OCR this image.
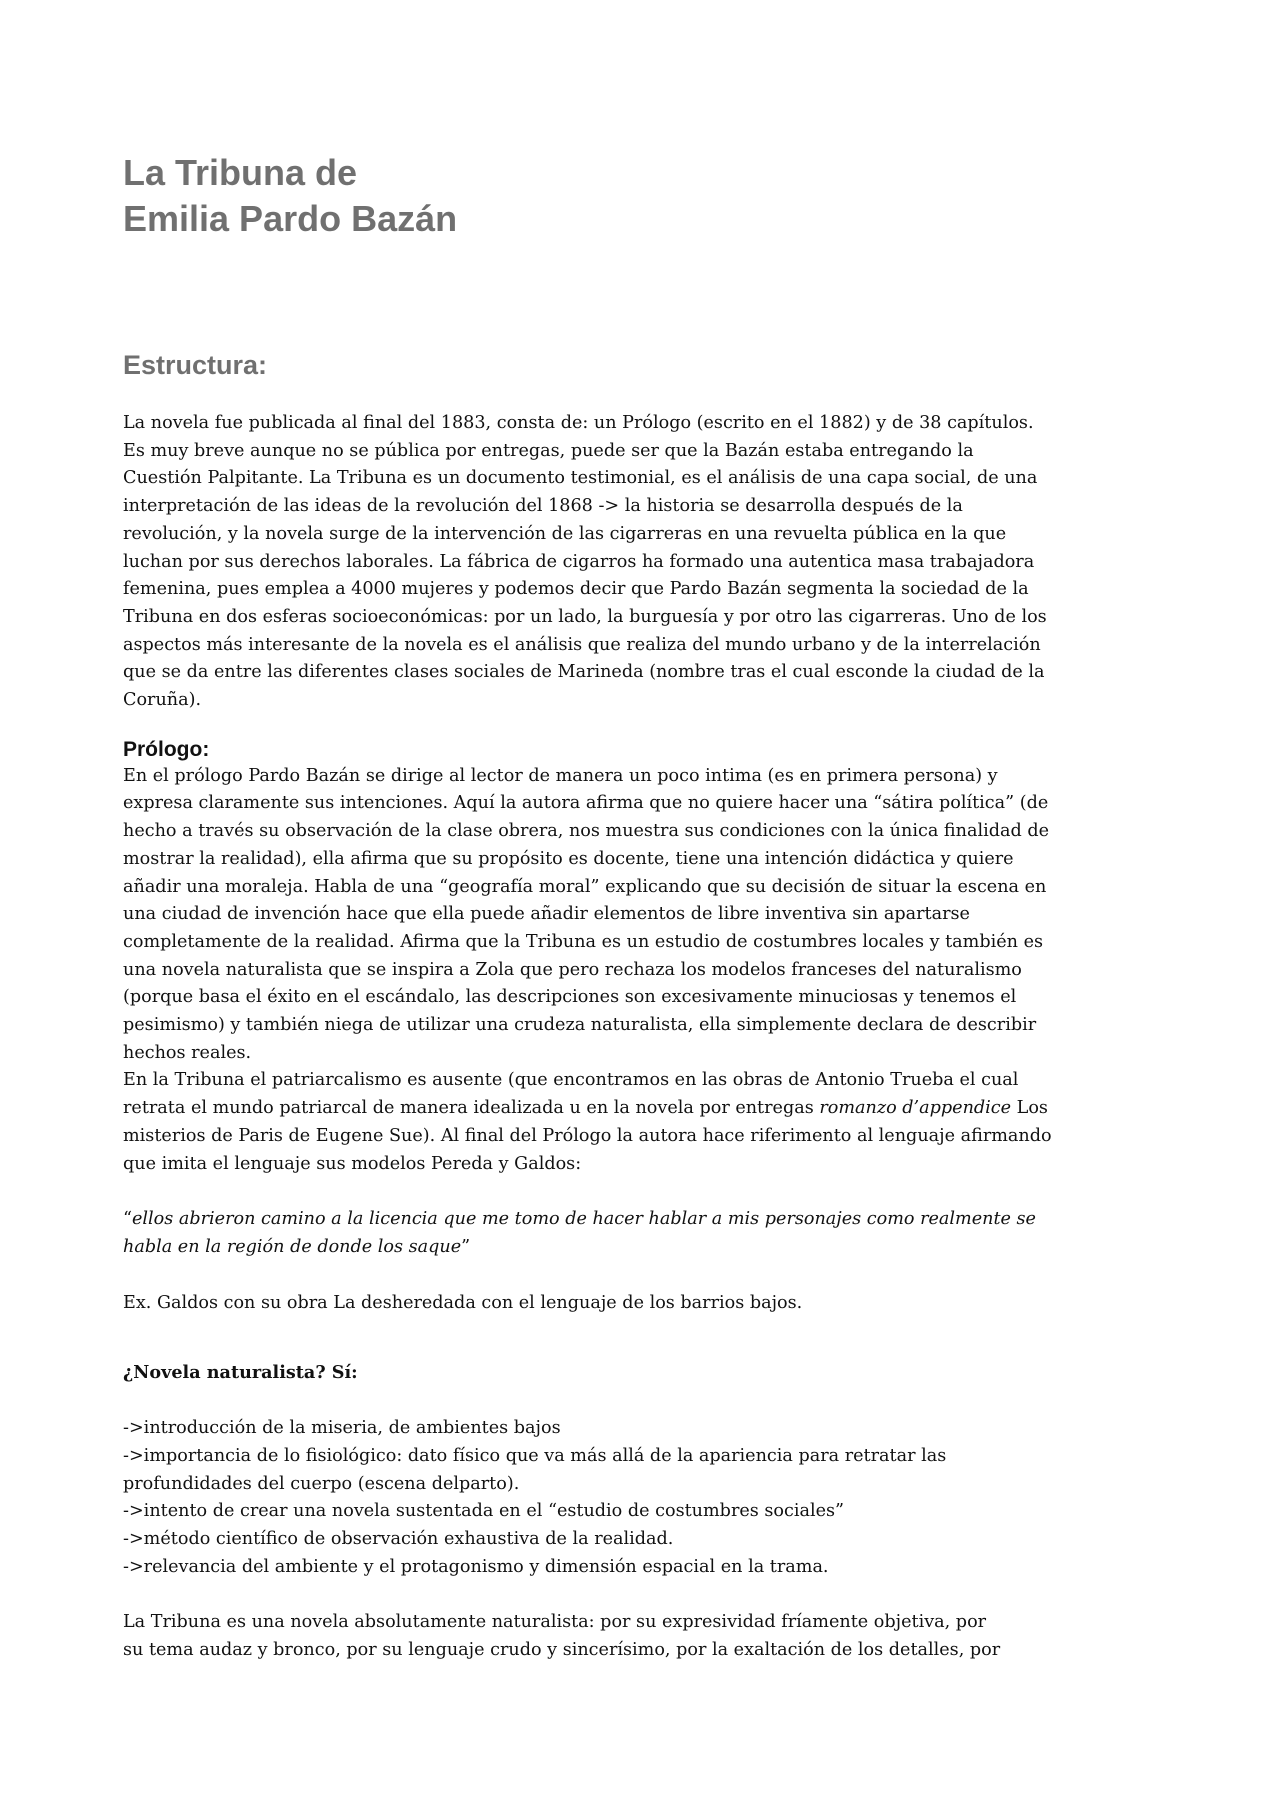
La Tribuna de
Emilia Pardo Bazán
Estructura:

La novela fue publicada al final del 1883, consta de: un Prólogo (escrito en el 1882) y de 38 capítulos.
Es muy breve aunque no se pública por entregas, puede ser que la Bazán estaba entregando la
Cuestión Palpitante. La Tribuna es un documento testimonial, es el análisis de una capa social, de una
interpretación de las ideas de la revolución del 1868 -> la historia se desarrolla después de la
revolución, y la novela surge de la intervención de las cigarreras en una revuelta pública en la que
luchan por sus derechos laborales. La fábrica de cigarros ha formado una autentica masa trabajadora
femenina, pues emplea a 4000 mujeres y podemos decir que Pardo Bazán segmenta la sociedad de la
Tribuna en dos esferas socioeconómicas: por un lado, la burguesía y por otro las cigarreras. Uno de los
aspectos más interesante de la novela es el análisis que realiza del mundo urbano y de la interrelación
que se da entre las diferentes clases sociales de Marineda (nombre tras el cual esconde la ciudad de la
Coruña).

Prólogo:

En el prólogo Pardo Bazán se dirige al lector de manera un poco intima (es en primera persona) y
expresa claramente sus intenciones. Aquí la autora afirma que no quiere hacer una “sátira política” (de
hecho a través su observación de la clase obrera, nos muestra sus condiciones con la única finalidad de
mostrar la realidad), ella afirma que su propósito es docente, tiene una intención didáctica y quiere
añadir una moraleja. Habla de una “geografía moral” explicando que su decisión de situar la escena en
una ciudad de invención hace que ella puede añadir elementos de libre inventiva sin apartarse
completamente de la realidad. Afirma que la Tribuna es un estudio de costumbres locales y también es
una novela naturalista que se inspira a Zola que pero rechaza los modelos franceses del naturalismo
(porque basa el éxito en el escándalo, las descripciones son excesivamente minuciosas y tenemos el
pesimismo) y también niega de utilizar una crudeza naturalista, ella simplemente declara de describir
hechos reales.

En la Tribuna el patriarcalismo es ausente (que encontramos en las obras de Antonio Trueba el cual
retrata el mundo patriarcal de manera idealizada u en la novela por entregas romanzo d’appendice Los
misterios de Paris de Eugene Sue). Al final del Prólogo la autora hace riferimento al lenguaje afirmando
que imita el lenguaje sus modelos Pereda y Galdos:

“ellos abrieron camino a la licencia que me tomo de hacer hablar a mis personajes como realmente se
habla en la región de donde los saque”

Ex. Galdos con su obra La desheredada con el lenguaje de los barrios bajos.

¿Novela naturalista? Sí:

->introducción de la miseria, de ambientes bajos

->importancia de lo fisiológico: dato físico que va más allá de la apariencia para retratar las
profundidades del cuerpo (escena delparto).

->intento de crear una novela sustentada en el “estudio de costumbres sociales”

->método científico de observación exhaustiva de la realidad.

->relevancia del ambiente y el protagonismo y dimensión espacial en la trama.

La Tribuna es una novela absolutamente naturalista: por su expresividad fríamente objetiva, por
su tema audaz y bronco, por su lenguaje crudo y sincerísimo, por la exaltación de los detalles, por
